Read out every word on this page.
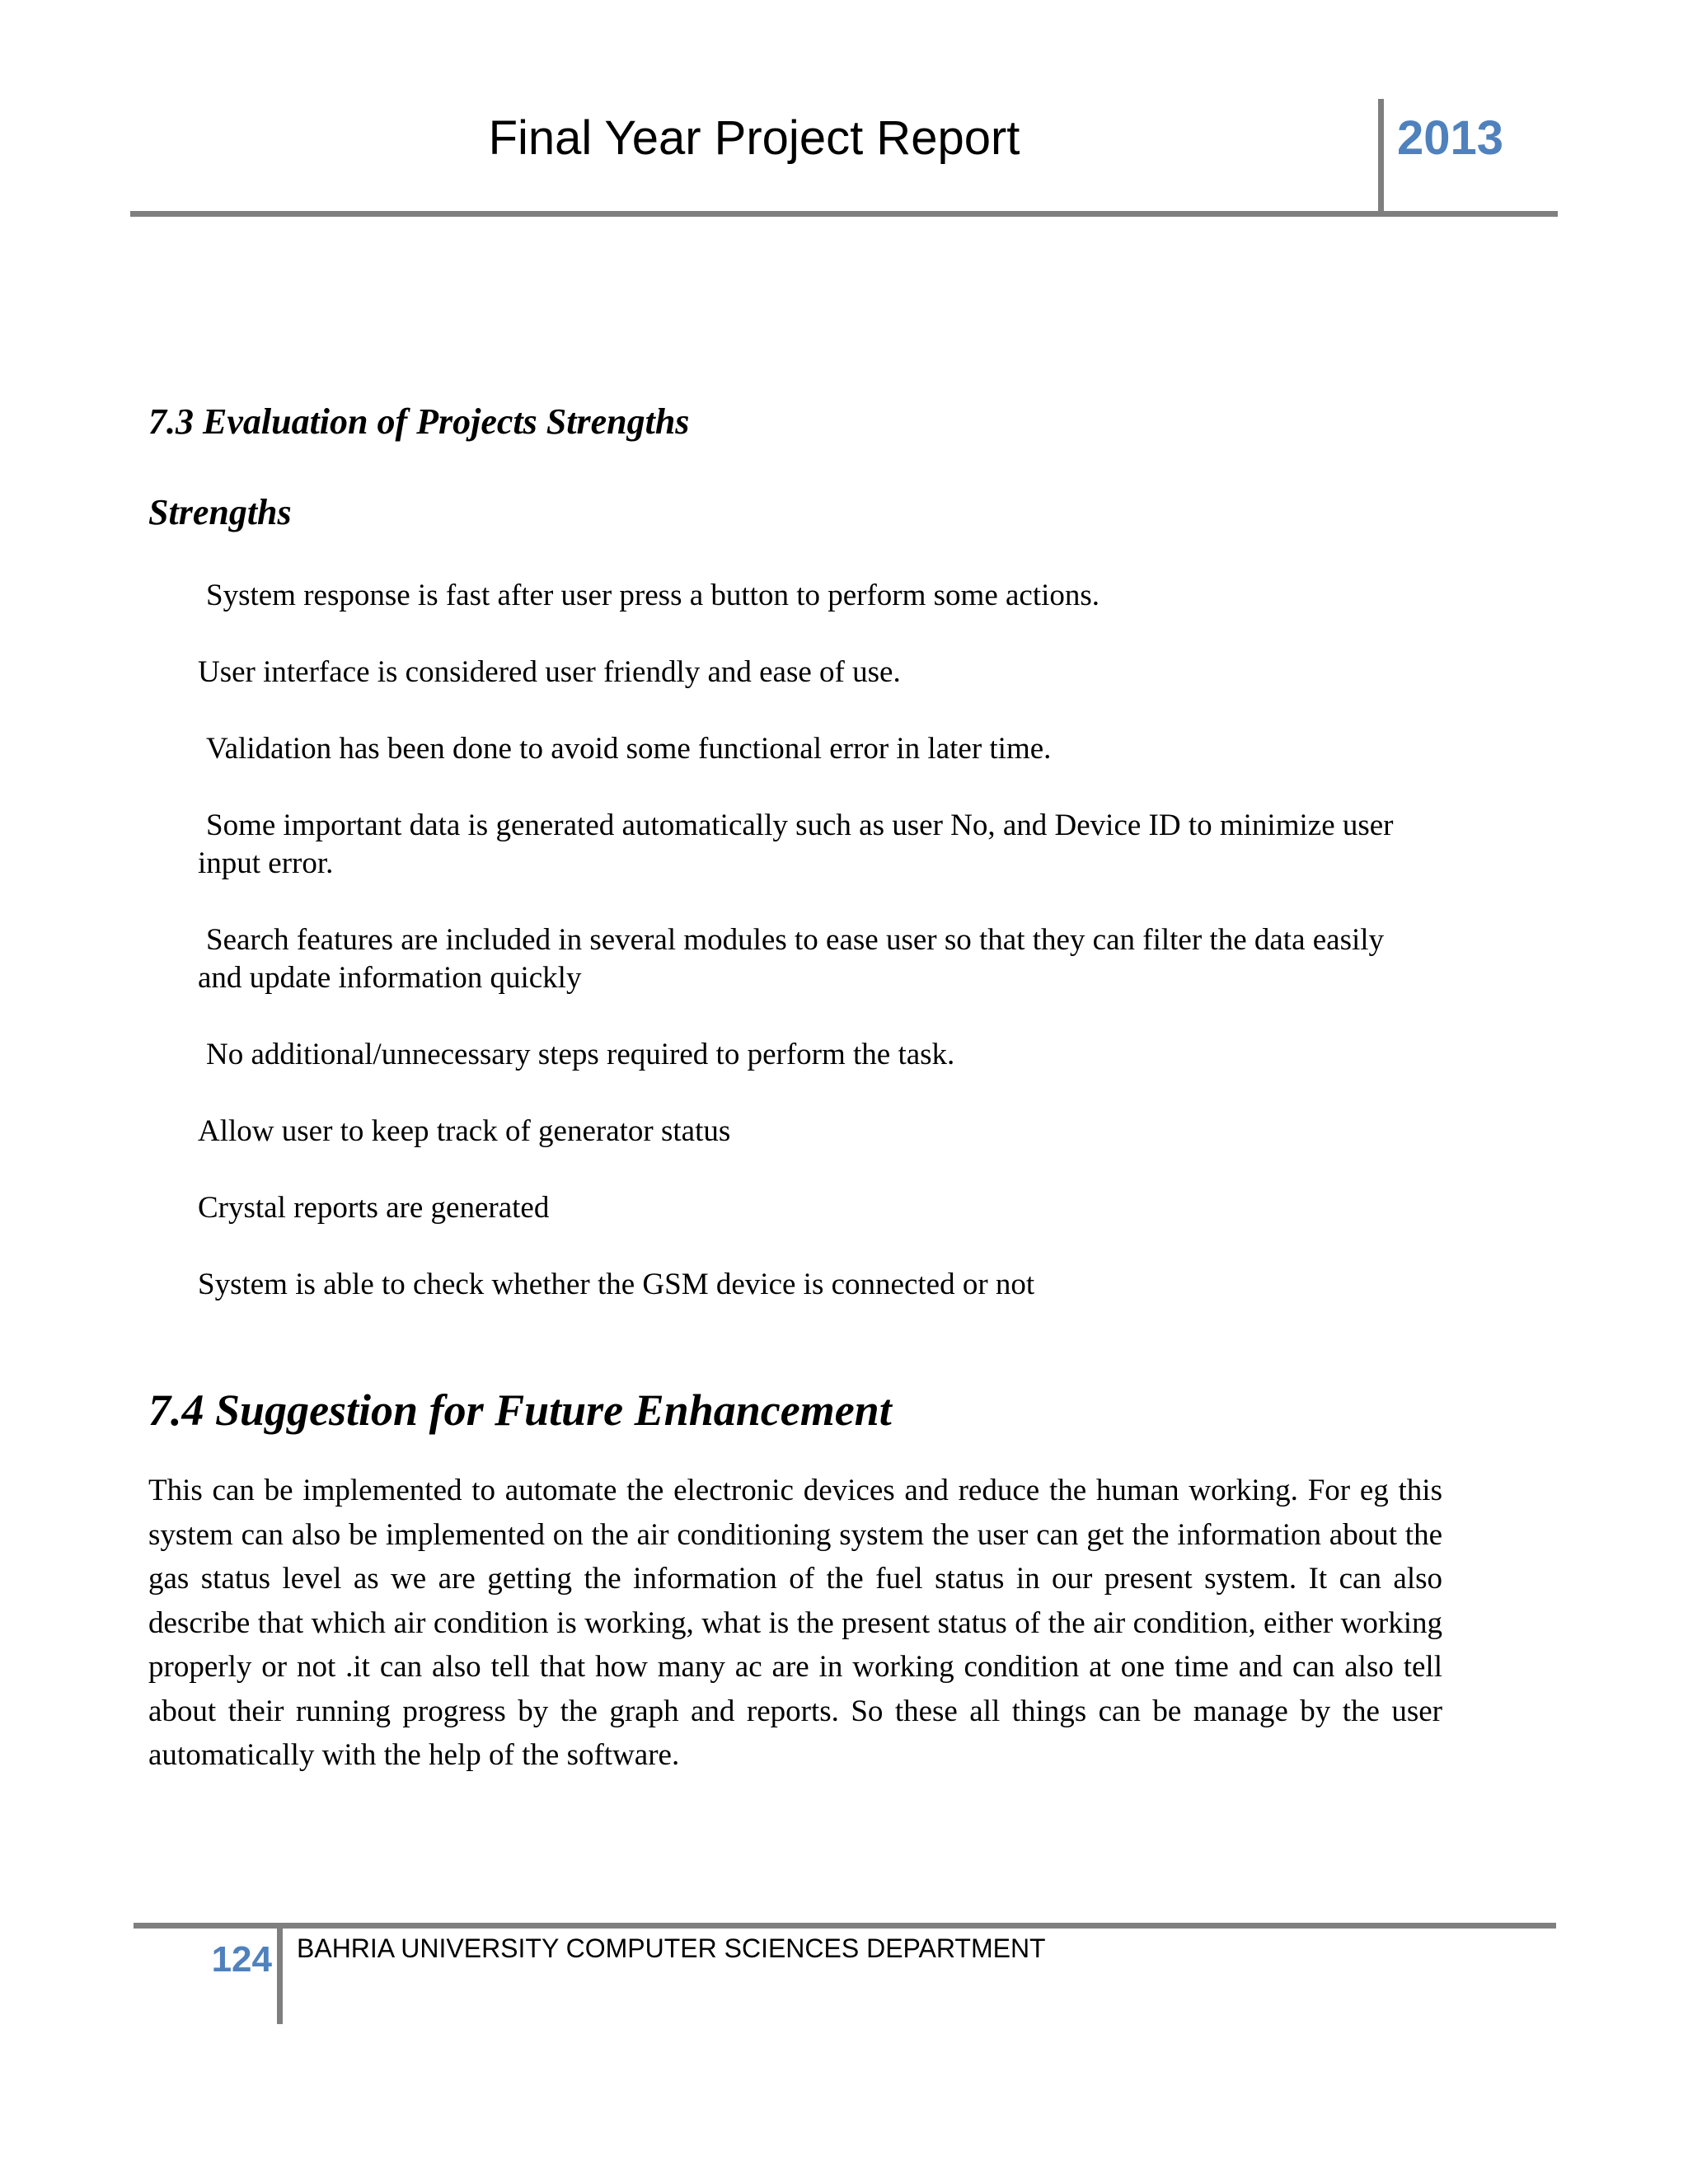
Final Year Project Report	2013
7.3 Evaluation of Projects Strengths
Strengths
System response is fast after user press a button to perform some actions.
User interface is considered user friendly and ease of use.
Validation has been done to avoid some functional error in later time.
Some important data is generated automatically such as user No, and Device ID to minimize user input error.
Search features are included in several modules to ease user so that they can filter the data easily and update information quickly
No additional/unnecessary steps required to perform the task.
Allow user to keep track of generator status
Crystal reports are generated
System is able to check whether the GSM device is connected or not
7.4 Suggestion for Future Enhancement

This can be implemented to automate the electronic devices and reduce the human working. For eg this system can also be implemented on the air conditioning system the user can get the information about the gas status level as we are getting the information of the fuel status in our present system. It can also describe that which air condition is working, what is the present status of the air condition, either working properly or not .it can also tell that how many ac are in working condition at one time and can also tell about their running progress by the graph and reports. So these all things can be manage by the user automatically with the help of the software.

124 BAHRIA UNIVERSITY COMPUTER SCIENCES DEPARTMENT
